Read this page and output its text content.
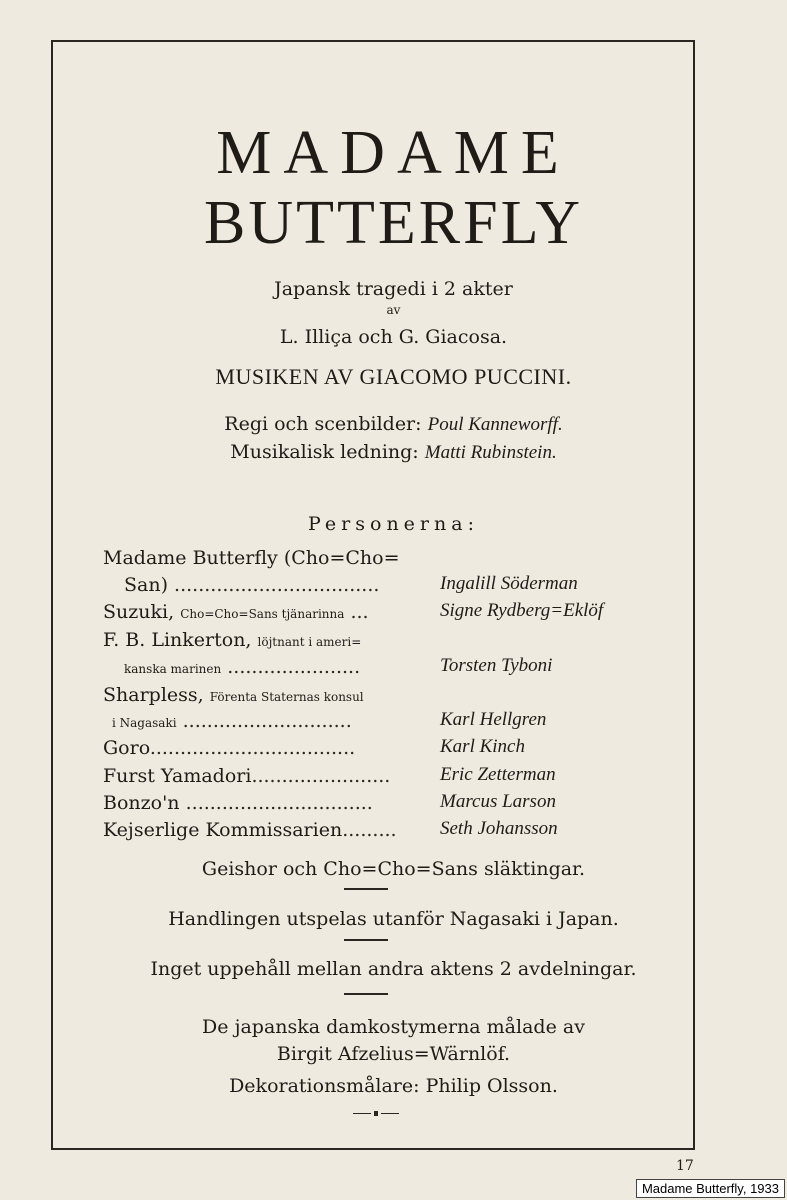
MADAME
BUTTERFLY
Japansk tragedi i 2 akter
av
L. Illiça och G. Giacosa.
MUSIKEN AV GIACOMO PUCCINI.
Regi och scenbilder: Poul Kanneworff.
Musikalisk ledning: Matti Rubinstein.
Personerna:
Madame Butterfly (Cho=Cho=
San) ..................................	Ingalill Söderman
Suzuki, Cho=Cho=Sans tjänarinna ...	Signe Rydberg=Eklöf
F. B. Linkerton, löjtnant i ameri=
kanska marinen ......................	Torsten Tyboni
Sharpless, Förenta Staternas konsul
i Nagasaki ............................	Karl Hellgren
Goro..................................	Karl Kinch
Furst Yamadori.......................	Eric Zetterman
Bonzo'n ...............................	Marcus Larson
Kejserlige Kommissarien.........	Seth Johansson
Geishor och Cho=Cho=Sans släktingar.
Handlingen utspelas utanför Nagasaki i Japan.
Inget uppehåll mellan andra aktens 2 avdelningar.
De japanska damkostymerna målade av
Birgit Afzelius=Wärnlöf.
Dekorationsmålare: Philip Olsson.
17
Madame Butterfly, 1933
